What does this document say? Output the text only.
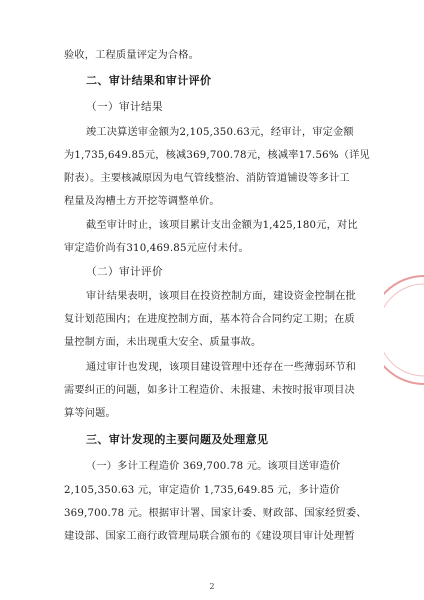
验收，工程质量评定为合格。
二、审计结果和审计评价
（一）审计结果
竣工决算送审金额为2,105,350.63元，经审计，审定金额
为1,735,649.85元，核减369,700.78元，核减率17.56%（详见
附表）。主要核减原因为电气管线整治、消防管道铺设等多计工
程量及沟槽土方开挖等调整单价。
截至审计时止，该项目累计支出金额为1,425,180元，对比
审定造价尚有310,469.85元应付未付。
（二）审计评价
审计结果表明，该项目在投资控制方面，建设资金控制在批
复计划范围内；在进度控制方面，基本符合合同约定工期；在质
量控制方面，未出现重大安全、质量事故。
通过审计也发现，该项目建设管理中还存在一些薄弱环节和
需要纠正的问题，如多计工程造价、未报建、未按时报审项目决
算等问题。
三、审计发现的主要问题及处理意见
（一）多计工程造价 369,700.78 元。该项目送审造价
2,105,350.63 元，审定造价 1,735,649.85 元，多计造价
369,700.78 元。根据审计署、国家计委、财政部、国家经贸委、
建设部、国家工商行政管理局联合颁布的《建设项目审计处理暂
2
